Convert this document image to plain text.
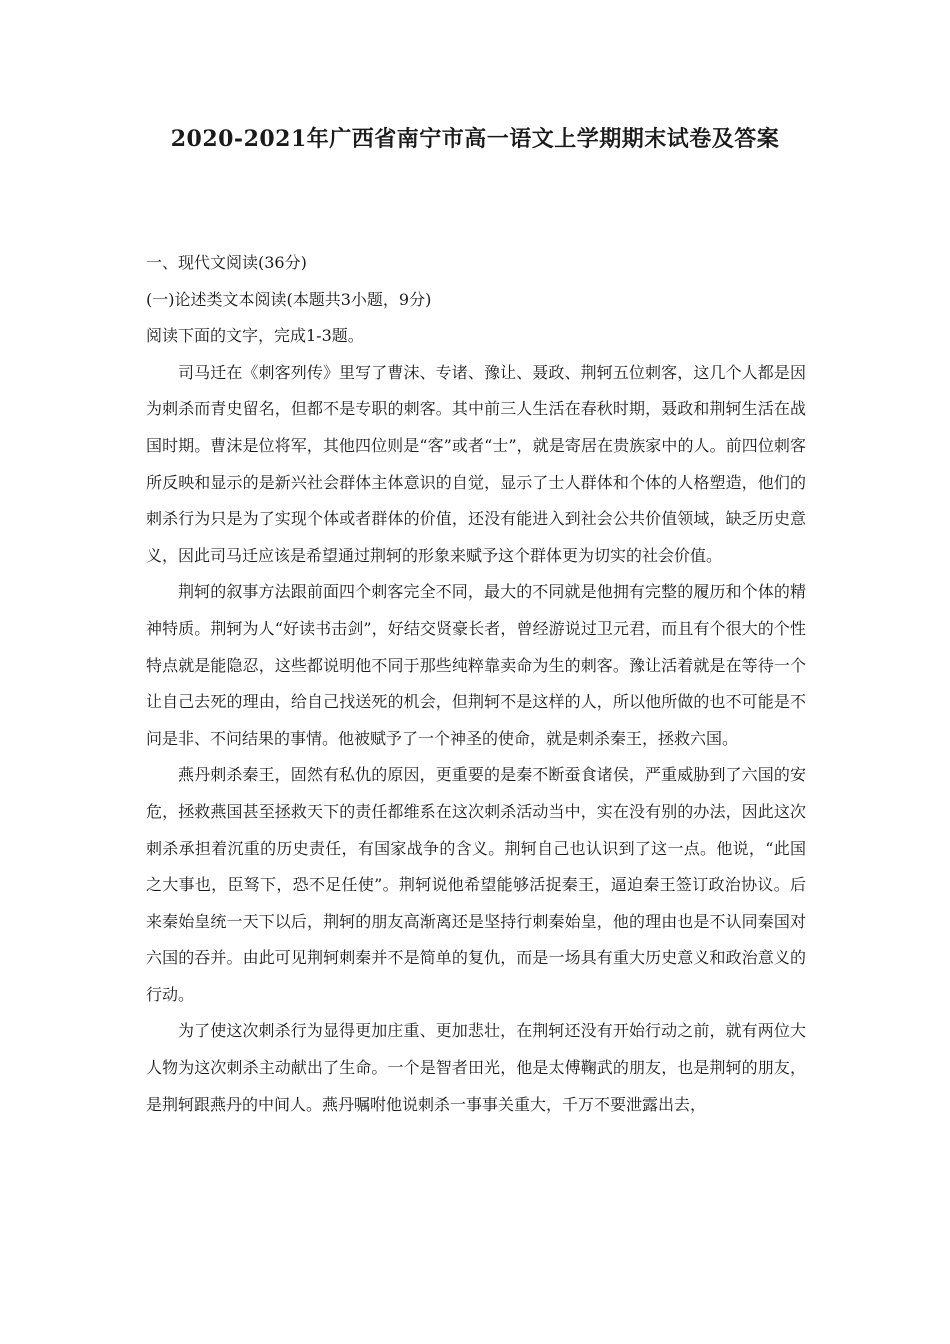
2020-2021年广西省南宁市高一语文上学期期末试卷及答案

一、现代文阅读(36分)

(一)论述类文本阅读(本题共3小题，9分)

阅读下面的文字，完成1-3题。

司马迁在《刺客列传》里写了曹沫、专诸、豫让、聂政、荆轲五位刺客，这几个人都是因为刺杀而青史留名，但都不是专职的刺客。其中前三人生活在春秋时期，聂政和荆轲生活在战国时期。曹沫是位将军，其他四位则是“客”或者“士”，就是寄居在贵族家中的人。前四位刺客所反映和显示的是新兴社会群体主体意识的自觉，显示了士人群体和个体的人格塑造，他们的刺杀行为只是为了实现个体或者群体的价值，还没有能进入到社会公共价值领域，缺乏历史意义，因此司马迁应该是希望通过荆轲的形象来赋予这个群体更为切实的社会价值。

荆轲的叙事方法跟前面四个刺客完全不同，最大的不同就是他拥有完整的履历和个体的精神特质。荆轲为人“好读书击剑”，好结交贤豪长者，曾经游说过卫元君，而且有个很大的个性特点就是能隐忍，这些都说明他不同于那些纯粹靠卖命为生的刺客。豫让活着就是在等待一个让自己去死的理由，给自己找送死的机会，但荆轲不是这样的人，所以他所做的也不可能是不问是非、不问结果的事情。他被赋予了一个神圣的使命，就是刺杀秦王，拯救六国。

燕丹刺杀秦王，固然有私仇的原因，更重要的是秦不断蚕食诸侯，严重威胁到了六国的安危，拯救燕国甚至拯救天下的责任都维系在这次刺杀活动当中，实在没有别的办法，因此这次刺杀承担着沉重的历史责任，有国家战争的含义。荆轲自己也认识到了这一点。他说，“此国之大事也，臣驽下，恐不足任使”。荆轲说他希望能够活捉秦王，逼迫秦王签订政治协议。后来秦始皇统一天下以后，荆轲的朋友高渐离还是坚持行刺秦始皇，他的理由也是不认同秦国对六国的吞并。由此可见荆轲刺秦并不是简单的复仇，而是一场具有重大历史意义和政治意义的行动。

为了使这次刺杀行为显得更加庄重、更加悲壮，在荆轲还没有开始行动之前，就有两位大人物为这次刺杀主动献出了生命。一个是智者田光，他是太傅鞠武的朋友，也是荆轲的朋友，是荆轲跟燕丹的中间人。燕丹嘱咐他说刺杀一事事关重大，千万不要泄露出去，
